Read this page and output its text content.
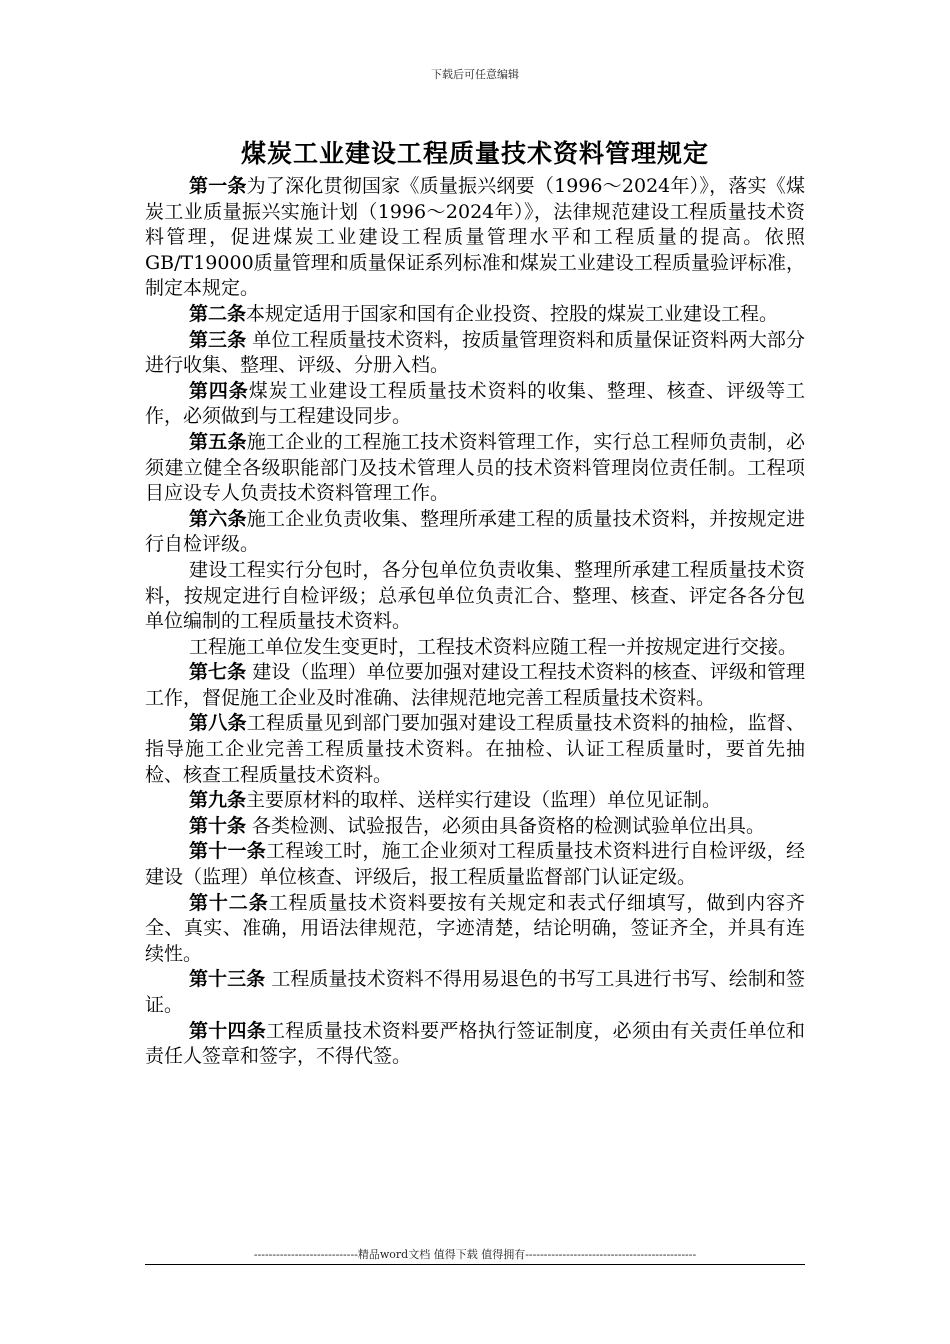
下载后可任意编辑
煤炭工业建设工程质量技术资料管理规定

第一条为了深化贯彻国家《质量振兴纲要（1996～2024年）》，落实《煤炭工业质量振兴实施计划（1996～2024年）》，法律规范建设工程质量技术资料管理，促进煤炭工业建设工程质量管理水平和工程质量的提高。依照GB/T19000质量管理和质量保证系列标准和煤炭工业建设工程质量验评标准，制定本规定。

第二条本规定适用于国家和国有企业投资、控股的煤炭工业建设工程。

第三条 单位工程质量技术资料，按质量管理资料和质量保证资料两大部分进行收集、整理、评级、分册入档。

第四条煤炭工业建设工程质量技术资料的收集、整理、核查、评级等工作，必须做到与工程建设同步。

第五条施工企业的工程施工技术资料管理工作，实行总工程师负责制，必须建立健全各级职能部门及技术管理人员的技术资料管理岗位责任制。工程项目应设专人负责技术资料管理工作。

第六条施工企业负责收集、整理所承建工程的质量技术资料，并按规定进行自检评级。

建设工程实行分包时，各分包单位负责收集、整理所承建工程质量技术资料，按规定进行自检评级；总承包单位负责汇合、整理、核查、评定各各分包单位编制的工程质量技术资料。

工程施工单位发生变更时，工程技术资料应随工程一并按规定进行交接。

第七条 建设（监理）单位要加强对建设工程技术资料的核查、评级和管理工作，督促施工企业及时准确、法律规范地完善工程质量技术资料。

第八条工程质量见到部门要加强对建设工程质量技术资料的抽检，监督、指导施工企业完善工程质量技术资料。在抽检、认证工程质量时，要首先抽检、核查工程质量技术资料。

第九条主要原材料的取样、送样实行建设（监理）单位见证制。

第十条 各类检测、试验报告，必须由具备资格的检测试验单位出具。

第十一条工程竣工时，施工企业须对工程质量技术资料进行自检评级，经建设（监理）单位核查、评级后，报工程质量监督部门认证定级。

第十二条工程质量技术资料要按有关规定和表式仔细填写，做到内容齐全、真实、准确，用语法律规范，字迹清楚，结论明确，签证齐全，并具有连续性。

第十三条 工程质量技术资料不得用易退色的书写工具进行书写、绘制和签证。

第十四条工程质量技术资料要严格执行签证制度，必须由有关责任单位和责任人签章和签字，不得代签。

----------------------------精品word文档 值得下载 值得拥有----------------------------------------------
